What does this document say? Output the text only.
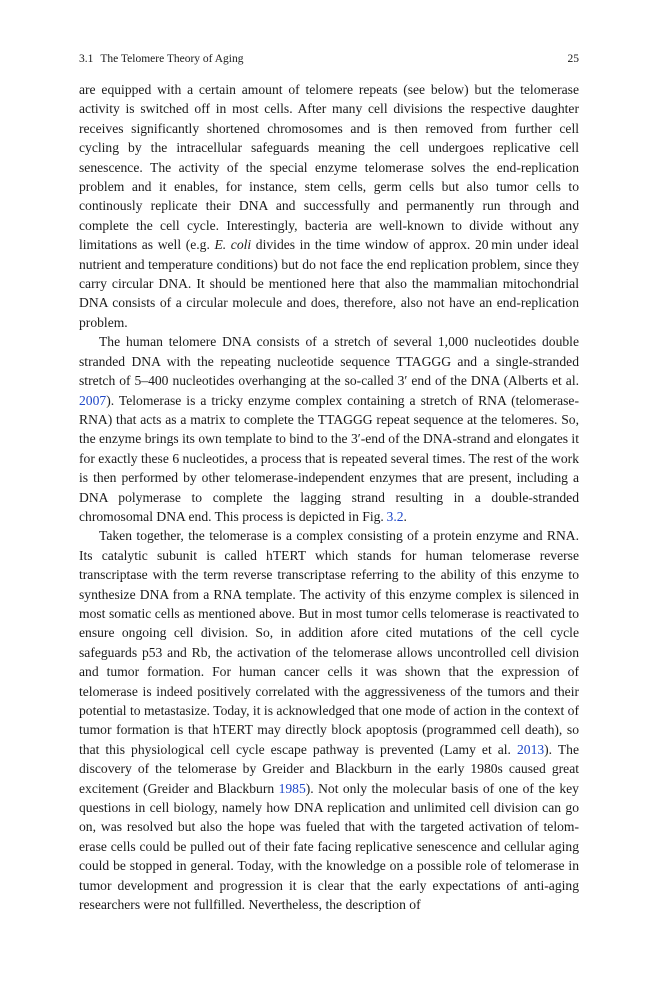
3.1 The Telomere Theory of Aging	25

are equipped with a certain amount of telomere repeats (see below) but the telomerase activity is switched off in most cells. After many cell divisions the respective daughter receives significantly shortened chromosomes and is then removed from further cell cycling by the intracellular safeguards meaning the cell undergoes replicative cell senescence. The activity of the special enzyme telomerase solves the end-replication problem and it enables, for instance, stem cells, germ cells but also tumor cells to continously replicate their DNA and successfully and permanently run through and complete the cell cycle. Interestingly, bacteria are well-known to divide without any limitations as well (e.g. E. coli divides in the time window of approx. 20 min under ideal nutrient and temperature conditions) but do not face the end replication problem, since they carry circular DNA. It should be mentioned here that also the mammalian mitochondrial DNA consists of a circular molecule and does, therefore, also not have an end-replication problem.

The human telomere DNA consists of a stretch of several 1,000 nucleotides double stranded DNA with the repeating nucleotide sequence TTAGGG and a single-stranded stretch of 5–400 nucleotides overhanging at the so-called 3′ end of the DNA (Alberts et al. 2007). Telomerase is a tricky enzyme complex containing a stretch of RNA (telomerase-RNA) that acts as a matrix to complete the TTAGGG repeat sequence at the telomeres. So, the enzyme brings its own template to bind to the 3′-end of the DNA-strand and elongates it for exactly these 6 nucleotides, a process that is repeated several times. The rest of the work is then performed by other telomerase-independent enzymes that are present, including a DNA polymerase to complete the lagging strand resulting in a double-stranded chromosomal DNA end. This process is depicted in Fig. 3.2.

Taken together, the telomerase is a complex consisting of a protein enzyme and RNA. Its catalytic subunit is called hTERT which stands for human telomerase reverse transcriptase with the term reverse transcriptase referring to the ability of this enzyme to synthesize DNA from a RNA template. The activity of this enzyme complex is silenced in most somatic cells as mentioned above. But in most tumor cells telomerase is reactivated to ensure ongoing cell division. So, in addition afore cited mutations of the cell cycle safeguards p53 and Rb, the activation of the telomerase allows uncontrolled cell division and tumor formation. For human cancer cells it was shown that the expression of telomerase is indeed positively correlated with the aggressiveness of the tumors and their potential to metastasize. Today, it is acknowledged that one mode of action in the context of tumor formation is that hTERT may directly block apoptosis (programmed cell death), so that this physiological cell cycle escape pathway is prevented (Lamy et al. 2013). The discovery of the telomerase by Greider and Blackburn in the early 1980s caused great excitement (Greider and Blackburn 1985). Not only the molecular basis of one of the key questions in cell biology, namely how DNA replication and unlimited cell division can go on, was resolved but also the hope was fueled that with the targeted activation of telomerase cells could be pulled out of their fate facing replicative senescence and cellular aging could be stopped in general. Today, with the knowledge on a possible role of telomerase in tumor development and progression it is clear that the early expectations of anti-aging researchers were not fullfilled. Nevertheless, the description of
